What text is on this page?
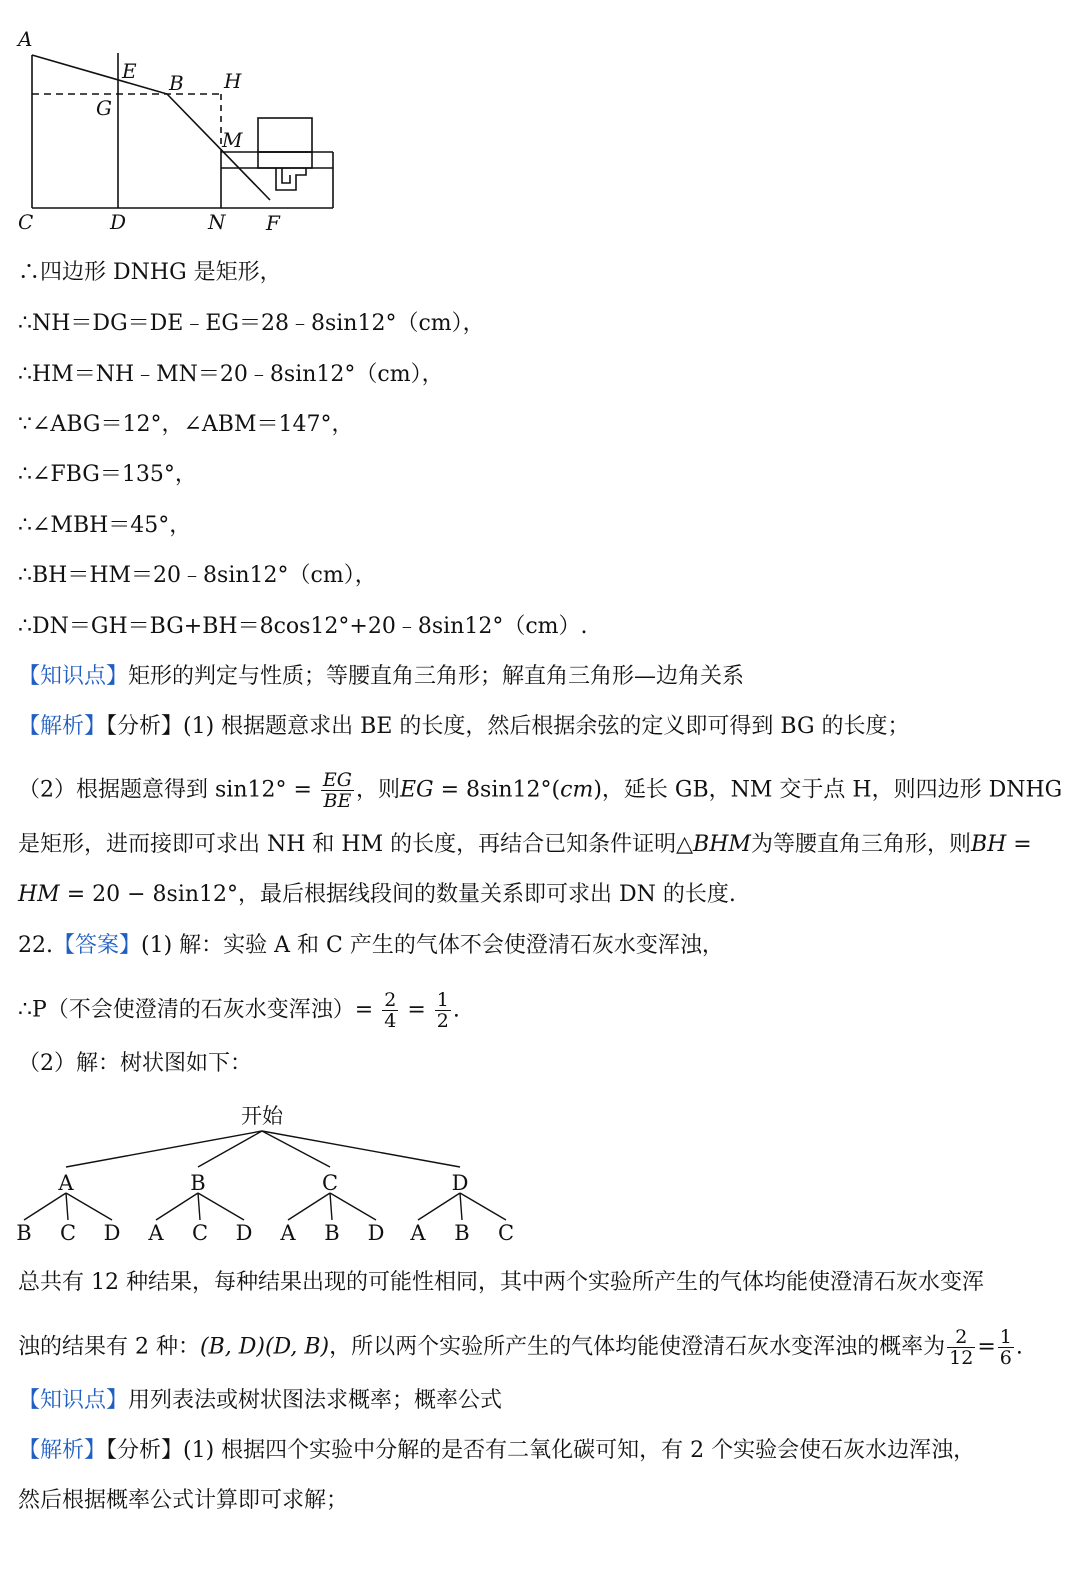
A
E B H
G
M
C	D	N F
∴四边形 DNHG 是矩形，
∴NH＝DG＝DE﹣EG＝28﹣8sin12°（cm），
∴HM＝NH﹣MN＝20﹣8sin12°（cm），
∵∠ABG＝12°，∠ABM＝147°，
∴∠FBG＝135°，
∴∠MBH＝45°，
∴BH＝HM＝20﹣8sin12°（cm），
∴DN＝GH＝BG+BH＝8cos12°+20﹣8sin12°（cm）.
【知识点】矩形的判定与性质；等腰直角三角形；解直角三角形—边角关系
【解析】【分析】(1) 根据题意求出 BE 的长度，然后根据余弦的定义即可得到 BG 的长度；
（2）根据题意得到 $\sin 12^\circ = \frac{EG}{BE}$ ，则EG = 8sin12°(cm)，延长 GB，NM 交于点 H，则四边形 DNHG
是矩形，进而接即可求出 NH 和 HM 的长度，再结合已知条件证明△BHM为等腰直角三角形，则BH =
HM = 20 − 8sin12°，最后根据线段间的数量关系即可求出 DN 的长度.
22.【答案】(1) 解：实验 A 和 C 产生的气体不会使澄清石灰水变浑浊，
∴P（不会使澄清的石灰水变浑浊）= $\frac{2}{4} = \frac{1}{2}$ .
（2）解：树状图如下：
开始
A	B	C	D
B C D A C D A B D A B C
总共有 12 种结果，每种结果出现的可能性相同，其中两个实验所产生的气体均能使澄清石灰水变浑
浊的结果有 2 种：(B, D)(D, B)，所以两个实验所产生的气体均能使澄清石灰水变浑浊的概率为 $\frac{2}{12} = \frac{1}{6}$ .
【知识点】用列表法或树状图法求概率；概率公式
【解析】【分析】(1) 根据四个实验中分解的是否有二氧化碳可知，有 2 个实验会使石灰水边浑浊，
然后根据概率公式计算即可求解；
